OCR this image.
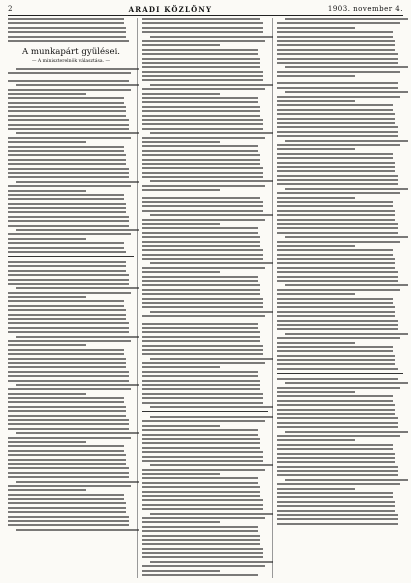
2	ARADI KÖZLÖNY	1903. november 4.
A munkapárt gyülései.
— A miniszterelnök választása. —
